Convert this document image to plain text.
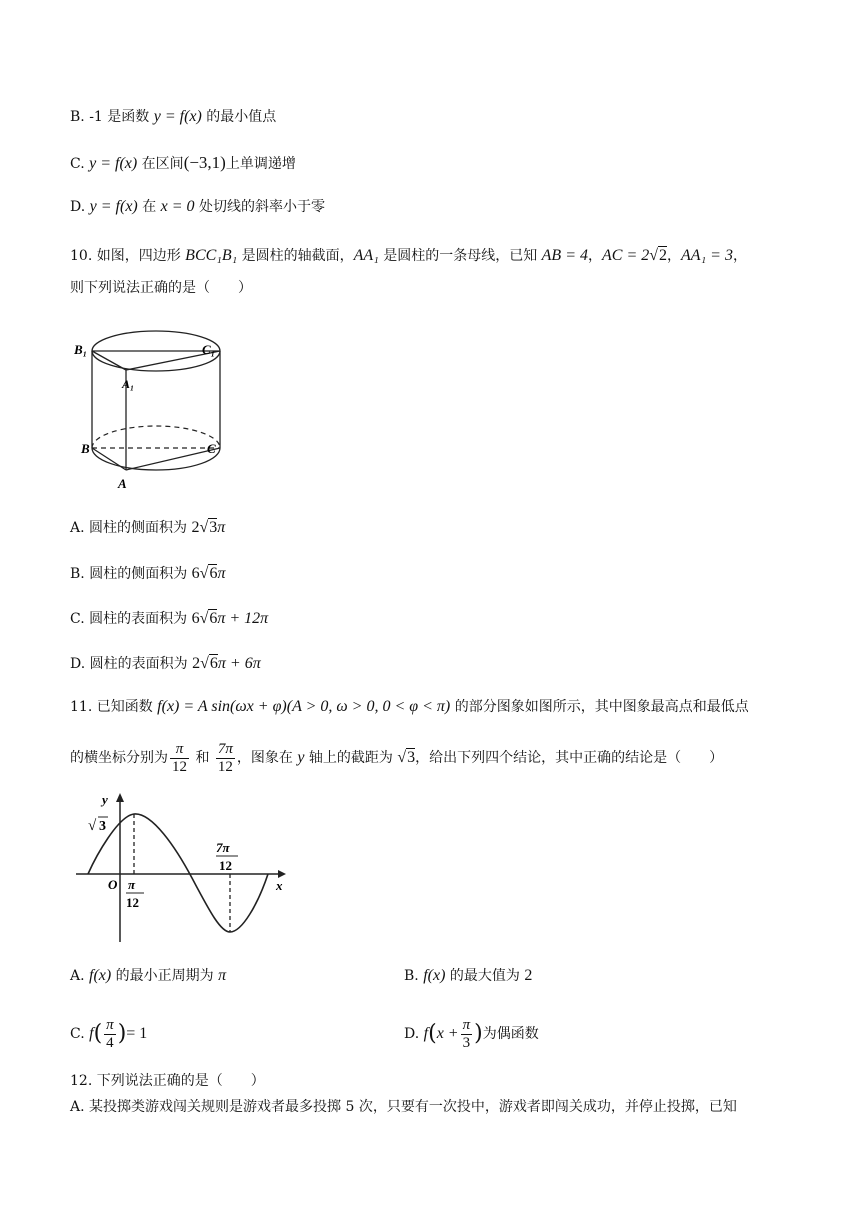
B. -1 是函数 y = f(x) 的最小值点
C. y = f(x) 在区间(−3,1)上单调递增
D. y = f(x) 在 x = 0 处切线的斜率小于零
10. 如图，四边形 BCC₁B₁ 是圆柱的轴截面，AA₁ 是圆柱的一条母线，已知 AB = 4，AC = 2√2，AA₁ = 3，
则下列说法正确的是（　　）
B₁	C₁
A₁
B	C
A
A. 圆柱的侧面积为 2√3π
B. 圆柱的侧面积为 6√6π
C. 圆柱的表面积为 6√6π + 12π
D. 圆柱的表面积为 2√6π + 6π
11. 已知函数 f(x) = A sin(ωx + φ)(A > 0, ω > 0, 0 < φ < π) 的部分图象如图所示，其中图象最高点和最低点
的横坐标分别为 $\frac{\pi}{12}$ 和 $\frac{7\pi}{12}$ ，图象在 y 轴上的截距为 √3，给出下列四个结论，其中正确的结论是（　　）
y
x
O
√ 3
π
12
7π
12
A. f(x) 的最小正周期为 π	B. f(x) 的最大值为 2
C. $f( \frac{\pi}{4}$ )= 1	D. $f(x + \frac{\pi}{3}$ )为偶函数
12. 下列说法正确的是（　　）
A. 某投掷类游戏闯关规则是游戏者最多投掷 5 次，只要有一次投中，游戏者即闯关成功，并停止投掷，已知
